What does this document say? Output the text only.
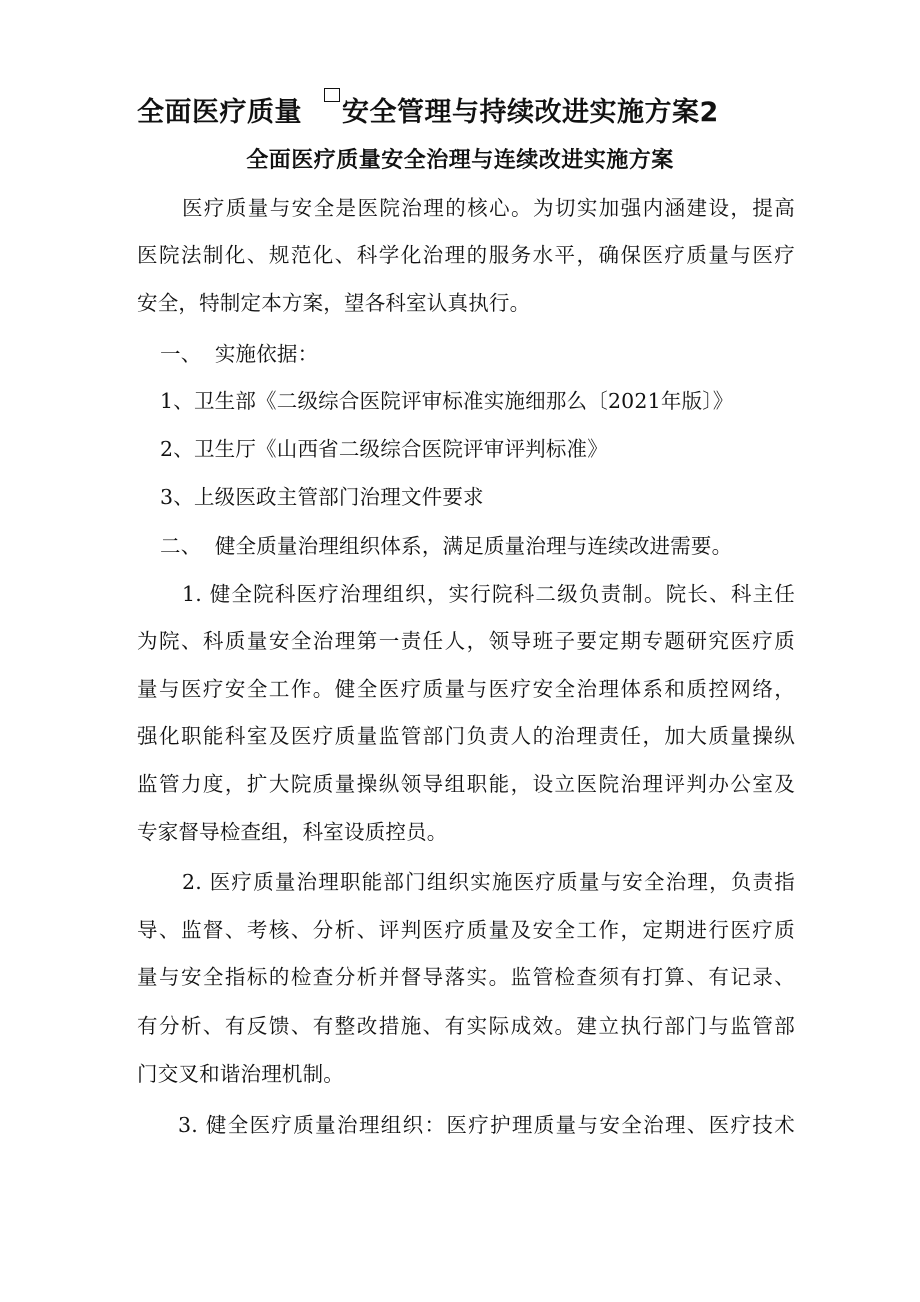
全面医疗质量 安全管理与持续改进实施方案2
全面医疗质量安全治理与连续改进实施方案
医疗质量与安全是医院治理的核心。为切实加强内涵建设，提高
医院法制化、规范化、科学化治理的服务水平，确保医疗质量与医疗
安全，特制定本方案，望各科室认真执行。
一、  实施依据：
1、卫生部《二级综合医院评审标准实施细那么〔2021年版〕》
2、卫生厅《山西省二级综合医院评审评判标准》
3、上级医政主管部门治理文件要求
二、  健全质量治理组织体系，满足质量治理与连续改进需要。
1. 健全院科医疗治理组织，实行院科二级负责制。院长、科主任
为院、科质量安全治理第一责任人，领导班子要定期专题研究医疗质
量与医疗安全工作。健全医疗质量与医疗安全治理体系和质控网络，
强化职能科室及医疗质量监管部门负责人的治理责任，加大质量操纵
监管力度，扩大院质量操纵领导组职能，设立医院治理评判办公室及
专家督导检查组，科室设质控员。
2. 医疗质量治理职能部门组织实施医疗质量与安全治理，负责指
导、监督、考核、分析、评判医疗质量及安全工作，定期进行医疗质
量与安全指标的检查分析并督导落实。监管检查须有打算、有记录、
有分析、有反馈、有整改措施、有实际成效。建立执行部门与监管部
门交叉和谐治理机制。
3. 健全医疗质量治理组织：医疗护理质量与安全治理、医疗技术
